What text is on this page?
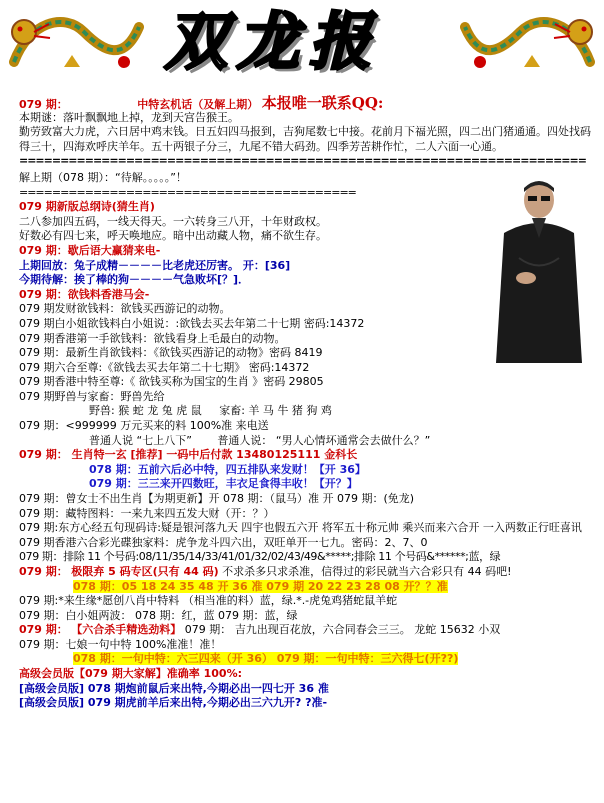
双龙报
079 期：	中特玄机话（及解上期） 本报唯一联系QQ:
本期谜：落叶飘飘地上掉，龙到天宫告猴王。
勤劳致富大力虎，六日居中鸡末钱。日五妇四马报到，吉狗尾数七中接。花前月下福光照，四二出门猪通通。四处找码得三十，四海欢呼庆羊年。五十两银子分三，九尾不错大码劲。四季芳苦耕作忙，二人六面一心通。
=====================================================================
解上期（078 期）：“待解。。。。。”！
=========================================
079 期新版总纲诗(猜生肖)
二八参加四五码，一线天得天。一六转身三八开，十年财政权。
好数必有四七来，呼天唤地应。暗中出动藏人物，痛不欲生存。
079 期：歇后语大赢猜来电-
上期回放：兔子成精－－－－比老虎还厉害。 开：[36]
今期待解：挨了棒的狗－－－－气急败坏[？]．
079 期：欲钱料香港马会-
079 期发财欲钱料：欲钱买西游记的动物。
079 期白小姐欲钱料白小姐说：:欲钱去买去年第二十七期 密码:14372
079 期香港第一手欲钱料：欲钱看身上毛最白的动物。
079 期：最新生肖欲钱料：《欲钱买西游记的动物》密码 8419
079 期六合至尊:《欲钱去买去年第二十七期》 密码:14372
079 期香港中特至尊:《 欲钱买称为国宝的生肖 》密码 29805
079 期野兽与家畜：野兽先给
野兽: 猴 蛇 龙 兔 虎 鼠 家畜: 羊 马 牛 猪 狗 鸡
079 期：<999999 万元买来的料 100%准 来电送
普通人说 “七上八下” 普通人说： “男人心情坏通常会去做什么？”
079 期： 生肖特一玄 [推荐] 一码中后付款 13480125111 金科长
078 期：五前六后必中特，四五排队来发财！【开 36】
079 期：三三来开四数旺，丰衣足食得丰收！【开？】
079 期：曾女士不出生肖【为期更新】开 078 期：（鼠马）准 开 079 期：(免龙)
079 期：藏特图料：一来九来四五发大财（开：？）
079 期:东方心经五句现码诗:疑是银河落九天 四宇也假五六开 将军五十称元帅 乘兴而来六合开 一入两数正行旺喜讯
079 期香港六合彩光碟独家料：虎争龙斗四六出，双旺单开一七九。密码：2、7、0
079 期：排除 11 个号码:08/11/35/14/33/41/01/32/02/43/49&*****;排除 11 个号码&******;蓝，绿
079 期： 极限弃 5 码专区(只有 44 码) 不求杀多只求杀准，信得过的彩民就当六合彩只有 44 码吧!
078 期：05 18 24 35 48 开 36 准 079 期 20 22 23 28 08 开？？准
079 期:*来生缘*愿创八肖中特料 （相当准的料）蓝，绿.*.-虎兔鸡猪蛇鼠羊蛇
079 期：白小姐两波： 078 期：红，蓝 079 期：蓝，绿
079 期： 【六合杀手精选劲料】 079 期： 吉九出现百花放，六合同春会三三。 龙蛇 15632 小双
079 期：七娘一句中特 100%准准！准！
078 期：一句中特：六三四来（开 36） 079 期：一句中特：三六得七(开??)
高级会员版【079 期大家解】准确率 100%:
[高级会员版] 078 期炮前鼠后来出特,今期必出一四七开 36 准
[高级会员版] 079 期虎前羊后来出特,今期必出三六九开? ?准-
